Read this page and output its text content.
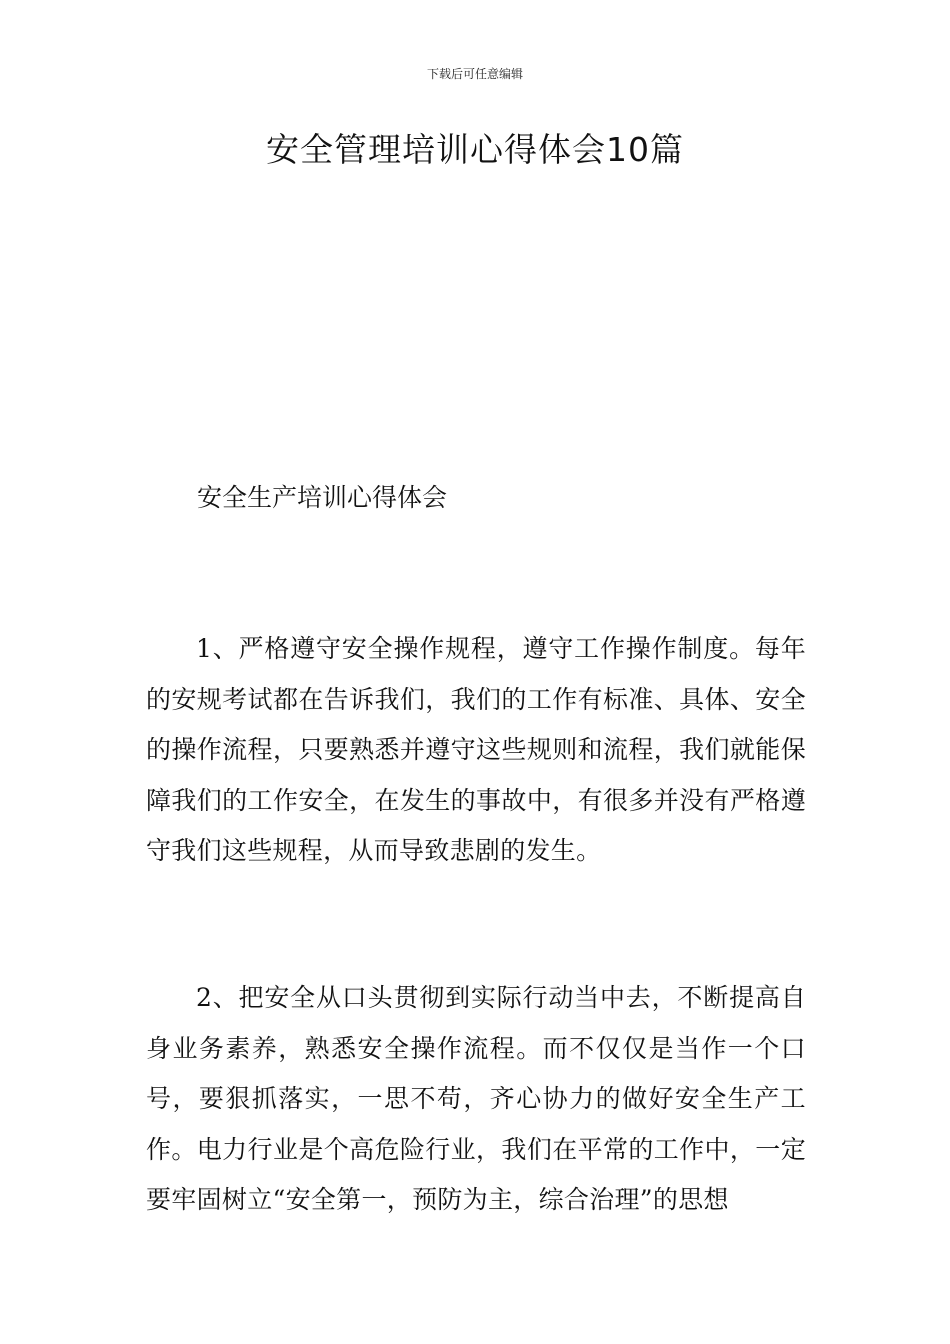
下载后可任意编辑
安全管理培训心得体会10篇

安全生产培训心得体会

1、严格遵守安全操作规程，遵守工作操作制度。每年的安规考试都在告诉我们，我们的工作有标准、具体、安全的操作流程，只要熟悉并遵守这些规则和流程，我们就能保障我们的工作安全，在发生的事故中，有很多并没有严格遵守我们这些规程，从而导致悲剧的发生。

2、把安全从口头贯彻到实际行动当中去，不断提高自身业务素养，熟悉安全操作流程。而不仅仅是当作一个口号，要狠抓落实，一思不苟，齐心协力的做好安全生产工作。电力行业是个高危险行业，我们在平常的工作中，一定要牢固树立“安全第一，预防为主，综合治理”的思想
